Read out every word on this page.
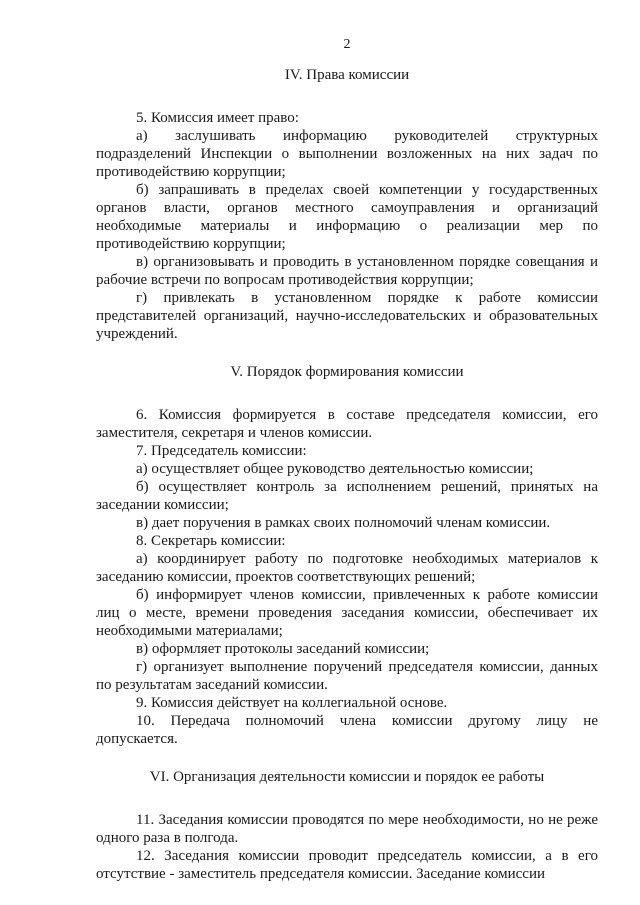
2
IV. Права комиссии

5. Комиссия имеет право:

а) заслушивать информацию руководителей структурных подразделений Инспекции о выполнении возложенных на них задач по противодействию коррупции;

б) запрашивать в пределах своей компетенции у государственных органов власти, органов местного самоуправления и организаций необходимые материалы и информацию о реализации мер по противодействию коррупции;

в) организовывать и проводить в установленном порядке совещания и рабочие встречи по вопросам противодействия коррупции;

г) привлекать в установленном порядке к работе комиссии представителей организаций, научно-исследовательских и образовательных учреждений.

V. Порядок формирования комиссии

6. Комиссия формируется в составе председателя комиссии, его заместителя, секретаря и членов комиссии.

7. Председатель комиссии:

а) осуществляет общее руководство деятельностью комиссии;

б) осуществляет контроль за исполнением решений, принятых на заседании комиссии;

в) дает поручения в рамках своих полномочий членам комиссии.

8. Секретарь комиссии:

а) координирует работу по подготовке необходимых материалов к заседанию комиссии, проектов соответствующих решений;

б) информирует членов комиссии, привлеченных к работе комиссии лиц о месте, времени проведения заседания комиссии, обеспечивает их необходимыми материалами;

в) оформляет протоколы заседаний комиссии;

г) организует выполнение поручений председателя комиссии, данных по результатам заседаний комиссии.

9. Комиссия действует на коллегиальной основе.

10. Передача полномочий члена комиссии другому лицу не допускается.

VI. Организация деятельности комиссии и порядок ее работы

11. Заседания комиссии проводятся по мере необходимости, но не реже одного раза в полгода.

12. Заседания комиссии проводит председатель комиссии, а в его отсутствие - заместитель председателя комиссии. Заседание комиссии
